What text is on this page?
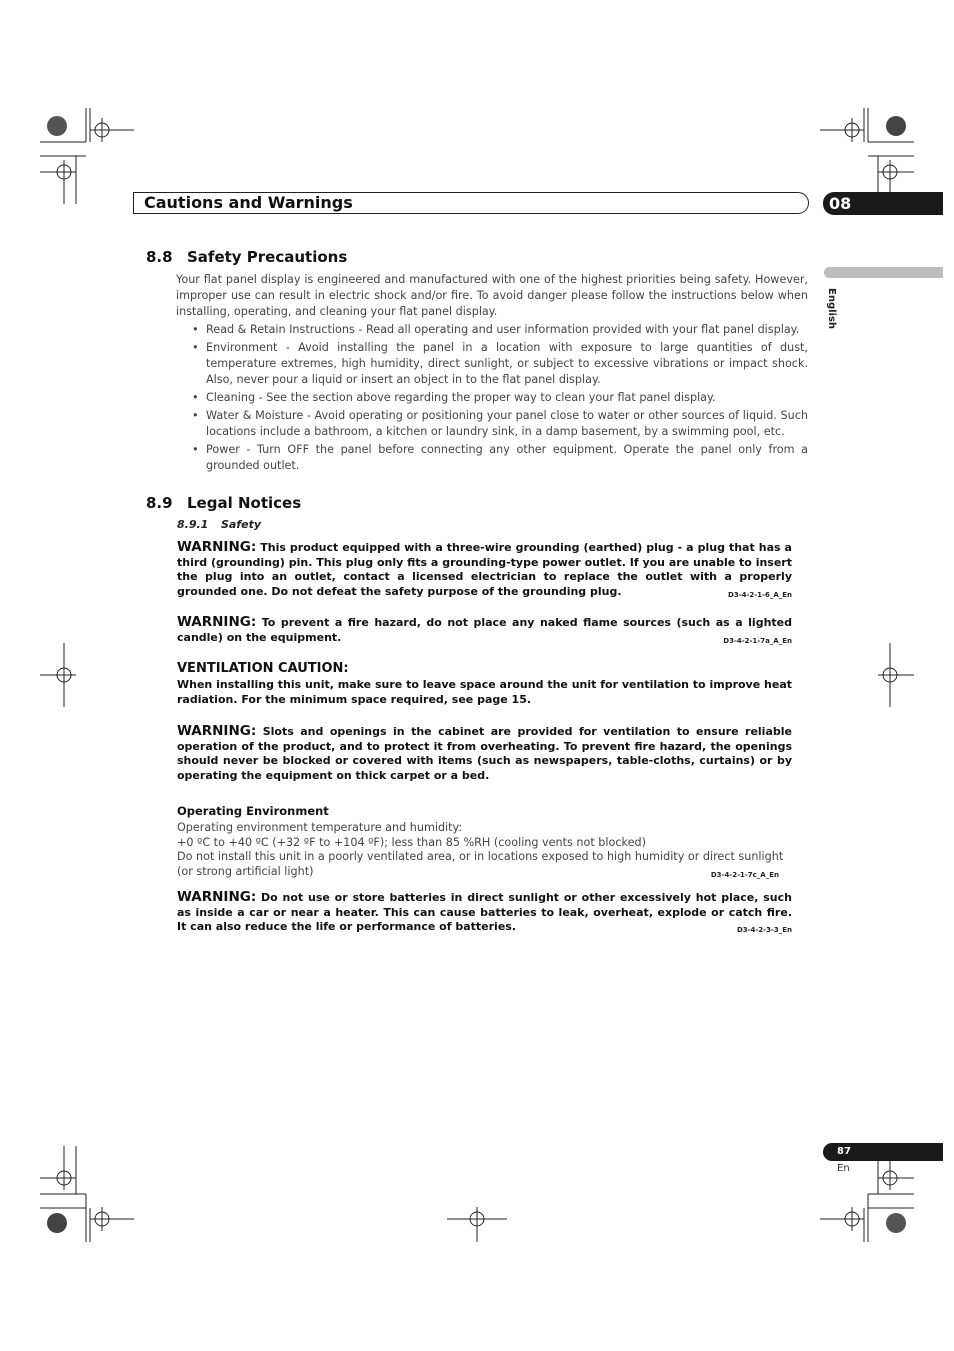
Cautions and Warnings	08
English
8.8 Safety Precautions
Your flat panel display is engineered and manufactured with one of the highest priorities being safety. However, improper use can result in electric shock and/or fire. To avoid danger please follow the instructions below when installing, operating, and cleaning your flat panel display.
• Read & Retain Instructions - Read all operating and user information provided with your flat panel display.
• Environment - Avoid installing the panel in a location with exposure to large quantities of dust, temperature extremes, high humidity, direct sunlight, or subject to excessive vibrations or impact shock. Also, never pour a liquid or insert an object in to the flat panel display.
• Cleaning - See the section above regarding the proper way to clean your flat panel display.
• Water & Moisture - Avoid operating or positioning your panel close to water or other sources of liquid. Such locations include a bathroom, a kitchen or laundry sink, in a damp basement, by a swimming pool, etc.
• Power - Turn OFF the panel before connecting any other equipment. Operate the panel only from a grounded outlet.
8.9 Legal Notices
8.9.1 Safety
WARNING: This product equipped with a three-wire grounding (earthed) plug - a plug that has a third (grounding) pin. This plug only fits a grounding-type power outlet. If you are unable to insert the plug into an outlet, contact a licensed electrician to replace the outlet with a properly grounded one. Do not defeat the safety purpose of the grounding plug.	D3-4-2-1-6_A_En
WARNING: To prevent a fire hazard, do not place any naked flame sources (such as a lighted candle) on the equipment.	D3-4-2-1-7a_A_En
VENTILATION CAUTION:
When installing this unit, make sure to leave space around the unit for ventilation to improve heat radiation. For the minimum space required, see page 15.
WARNING: Slots and openings in the cabinet are provided for ventilation to ensure reliable operation of the product, and to protect it from overheating. To prevent fire hazard, the openings should never be blocked or covered with items (such as newspapers, table-cloths, curtains) or by operating the equipment on thick carpet or a bed.
Operating Environment
Operating environment temperature and humidity:
+0 ºC to +40 ºC (+32 ºF to +104 ºF); less than 85 %RH (cooling vents not blocked)
Do not install this unit in a poorly ventilated area, or in locations exposed to high humidity or direct sunlight (or strong artificial light)	D3-4-2-1-7c_A_En
WARNING: Do not use or store batteries in direct sunlight or other excessively hot place, such as inside a car or near a heater. This can cause batteries to leak, overheat, explode or catch fire. It can also reduce the life or performance of batteries.	D3-4-2-3-3_En
87
En
